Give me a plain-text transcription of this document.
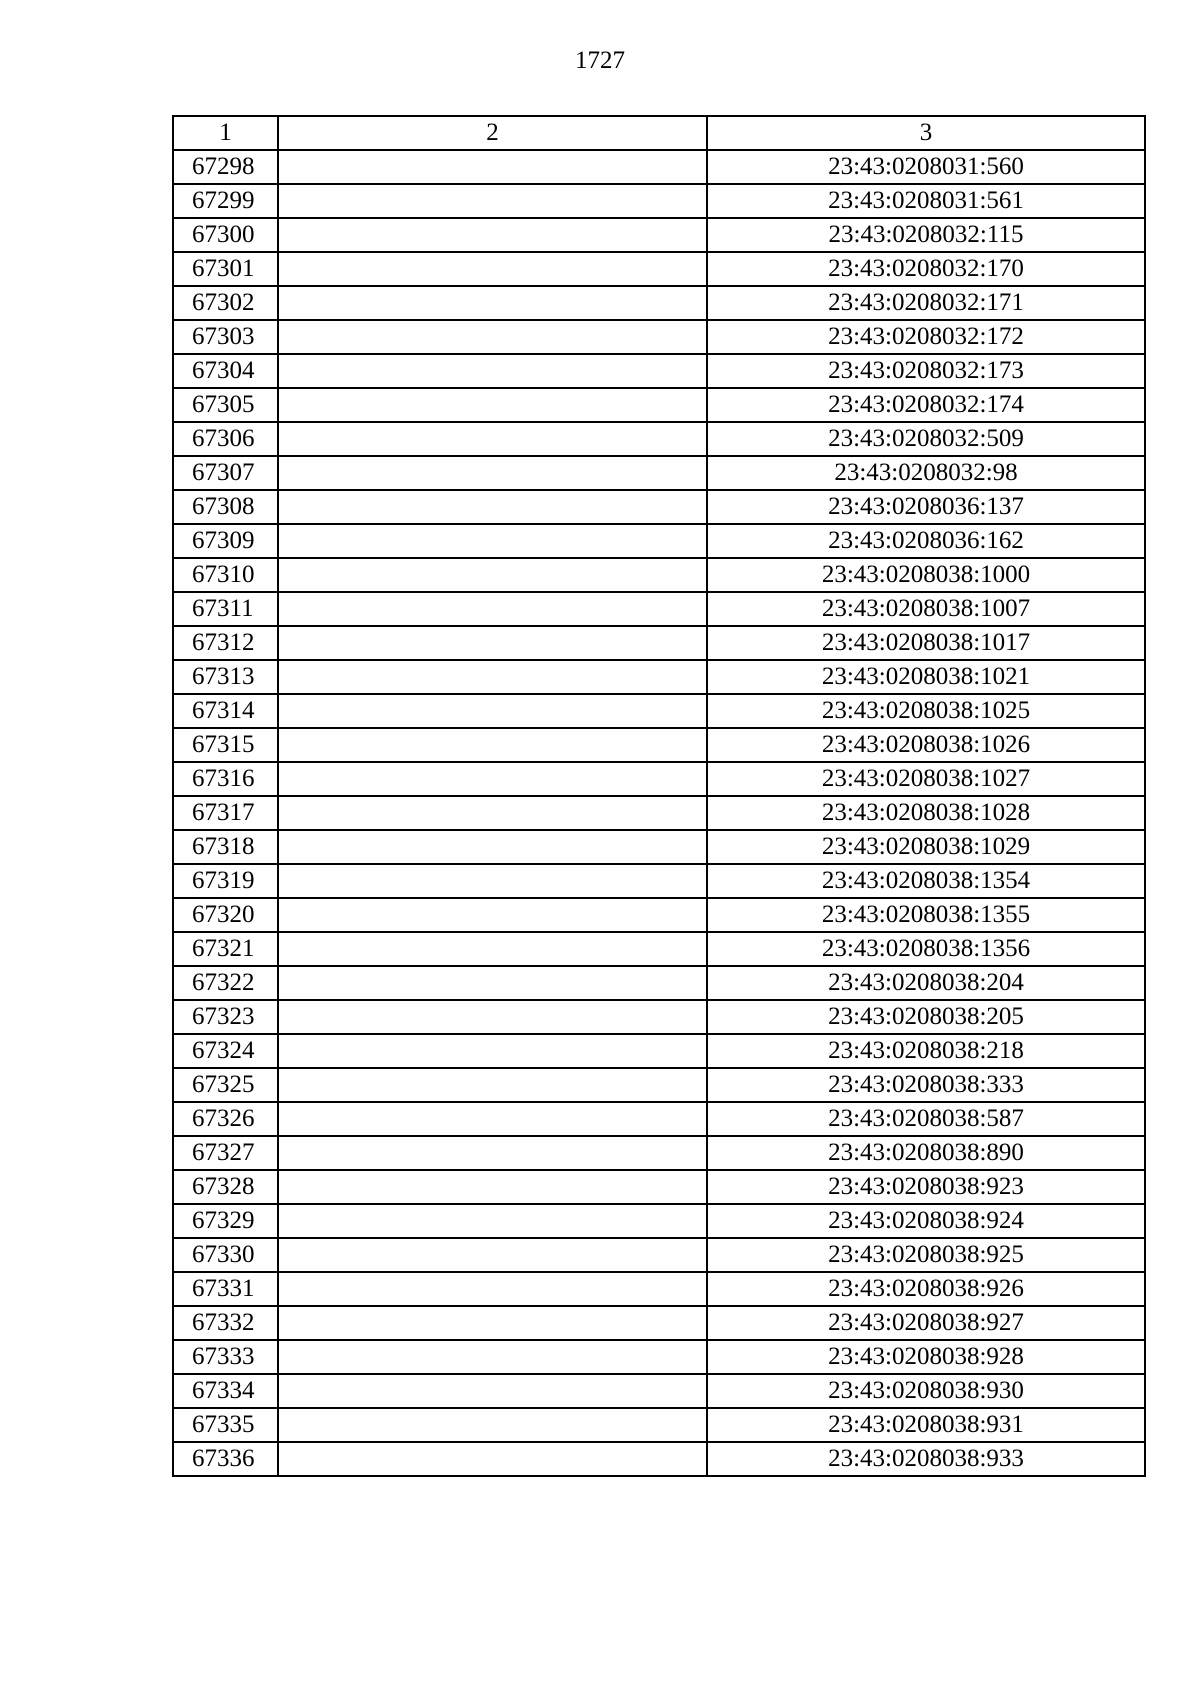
1727
1	2	3
67298		23:43:0208031:560
67299		23:43:0208031:561
67300		23:43:0208032:115
67301		23:43:0208032:170
67302		23:43:0208032:171
67303		23:43:0208032:172
67304		23:43:0208032:173
67305		23:43:0208032:174
67306		23:43:0208032:509
67307		23:43:0208032:98
67308		23:43:0208036:137
67309		23:43:0208036:162
67310		23:43:0208038:1000
67311		23:43:0208038:1007
67312		23:43:0208038:1017
67313		23:43:0208038:1021
67314		23:43:0208038:1025
67315		23:43:0208038:1026
67316		23:43:0208038:1027
67317		23:43:0208038:1028
67318		23:43:0208038:1029
67319		23:43:0208038:1354
67320		23:43:0208038:1355
67321		23:43:0208038:1356
67322		23:43:0208038:204
67323		23:43:0208038:205
67324		23:43:0208038:218
67325		23:43:0208038:333
67326		23:43:0208038:587
67327		23:43:0208038:890
67328		23:43:0208038:923
67329		23:43:0208038:924
67330		23:43:0208038:925
67331		23:43:0208038:926
67332		23:43:0208038:927
67333		23:43:0208038:928
67334		23:43:0208038:930
67335		23:43:0208038:931
67336		23:43:0208038:933
